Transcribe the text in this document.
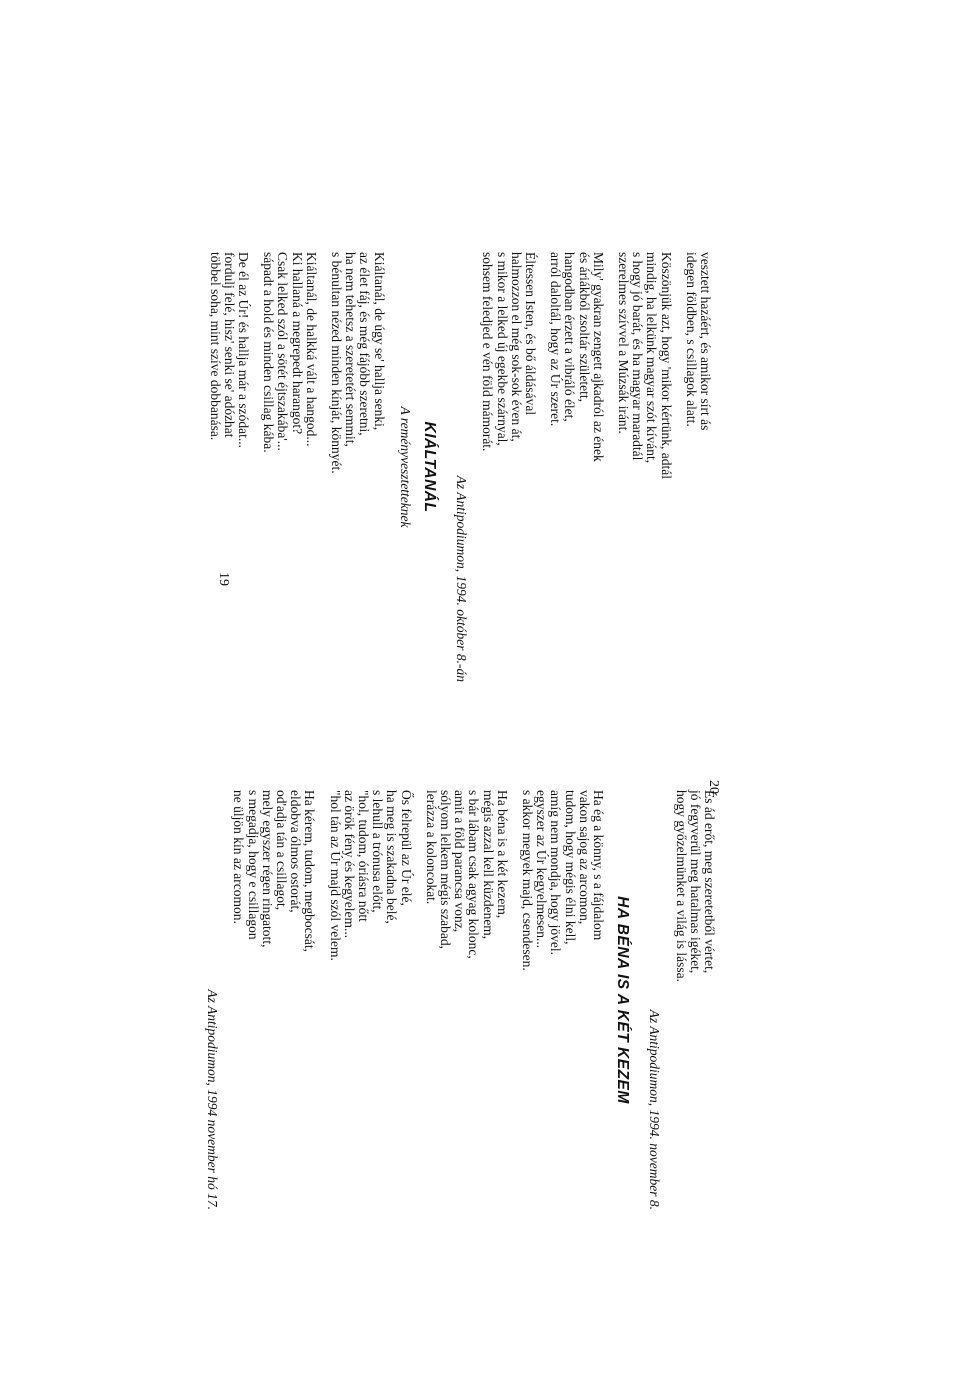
vesztett hazáért, és amikor sírt ás
idegen földben, s csillagok alatt.
Köszönjük azt, hogy 'mikor kértünk, adtál
mindig, ha lelkünk magyar szót kívánt,
s hogy jó barát, és ha magyar maradtál
szerelmes szívvel a Múzsák iránt.
Mily' gyakran zengett ajkadról az ének
és áriákból zsoltár született,
hangodban érzett a vibráló élet,
arról daloltál, hogy az Úr szeret.
Éltessen Isten, és bő áldásával
halmozzon el még sok-sok éven át,
s mikor a lelked új egekbe szárnyal,
sohsem feledjed e vén föld mámorát.
Az Antipodiumon, 1994. október 8.-án
KIÁLTANÁL
A reményvesztetteknek
Kiáltanál, de úgy se' hallja senki,
az élet fáj, és még fájóbb szeretni,
ha nem tehetsz a szeretetért semmit,
s bénultan nézed minden kínját, könnyét.
Kiáltanál, de halkká vált a hangod...
Ki hallaná a megrepedt harangot?
Csak lelked szól a sötét éjtszakába'...
sápadt a hold és minden csillag kába.
De él az Úr! és hallja már a szódat...
fordulj felé, hisz' senki se' adózhat
többel soha, mint szíve dobbanása.
19
És ád erőt, meg szeretetből vértet,
jó fegyverül meg hatalmas igéket,
hogy győzelmünket a világ is lássa.
Az Antipodiumon, 1994. november 8.
HA BÉNA IS A KÉT KEZEM
Ha ég a könny, s a fájdalom
vakon sajog az arcomon,
tudom, hogy mégis élni kell,
amíg nem mondja, hogy jövel.
egyszer az Úr kegyelmesen...
s akkor megyek majd, csendesen.
Ha béna is a két kezem,
mégis azzal kell küzdenem,
s bár lábam csak agyag kolonc,
amit a föld parancsa vonz,
sólyom lelkem mégis szabad,
lerázza a koloncokat.
Ős felrepül az Úr elé,
ha meg is szakadna belé,
s lehull a trónusa előtt,
"hol, tudom, óriásra nőtt
az örök fény és kegyelem...
"hol tán az Úr majd szól velem.
Ha kérem, tudom, megbocsát,
eldobva ólmos ostorát,
od'adja tán a csillagot,
mely egyszer régen ringatott,
s megadja, hogy e csillagon
ne üljön kín az arcomon.
Az Antipodiumon, 1994 november hó 17.
20
